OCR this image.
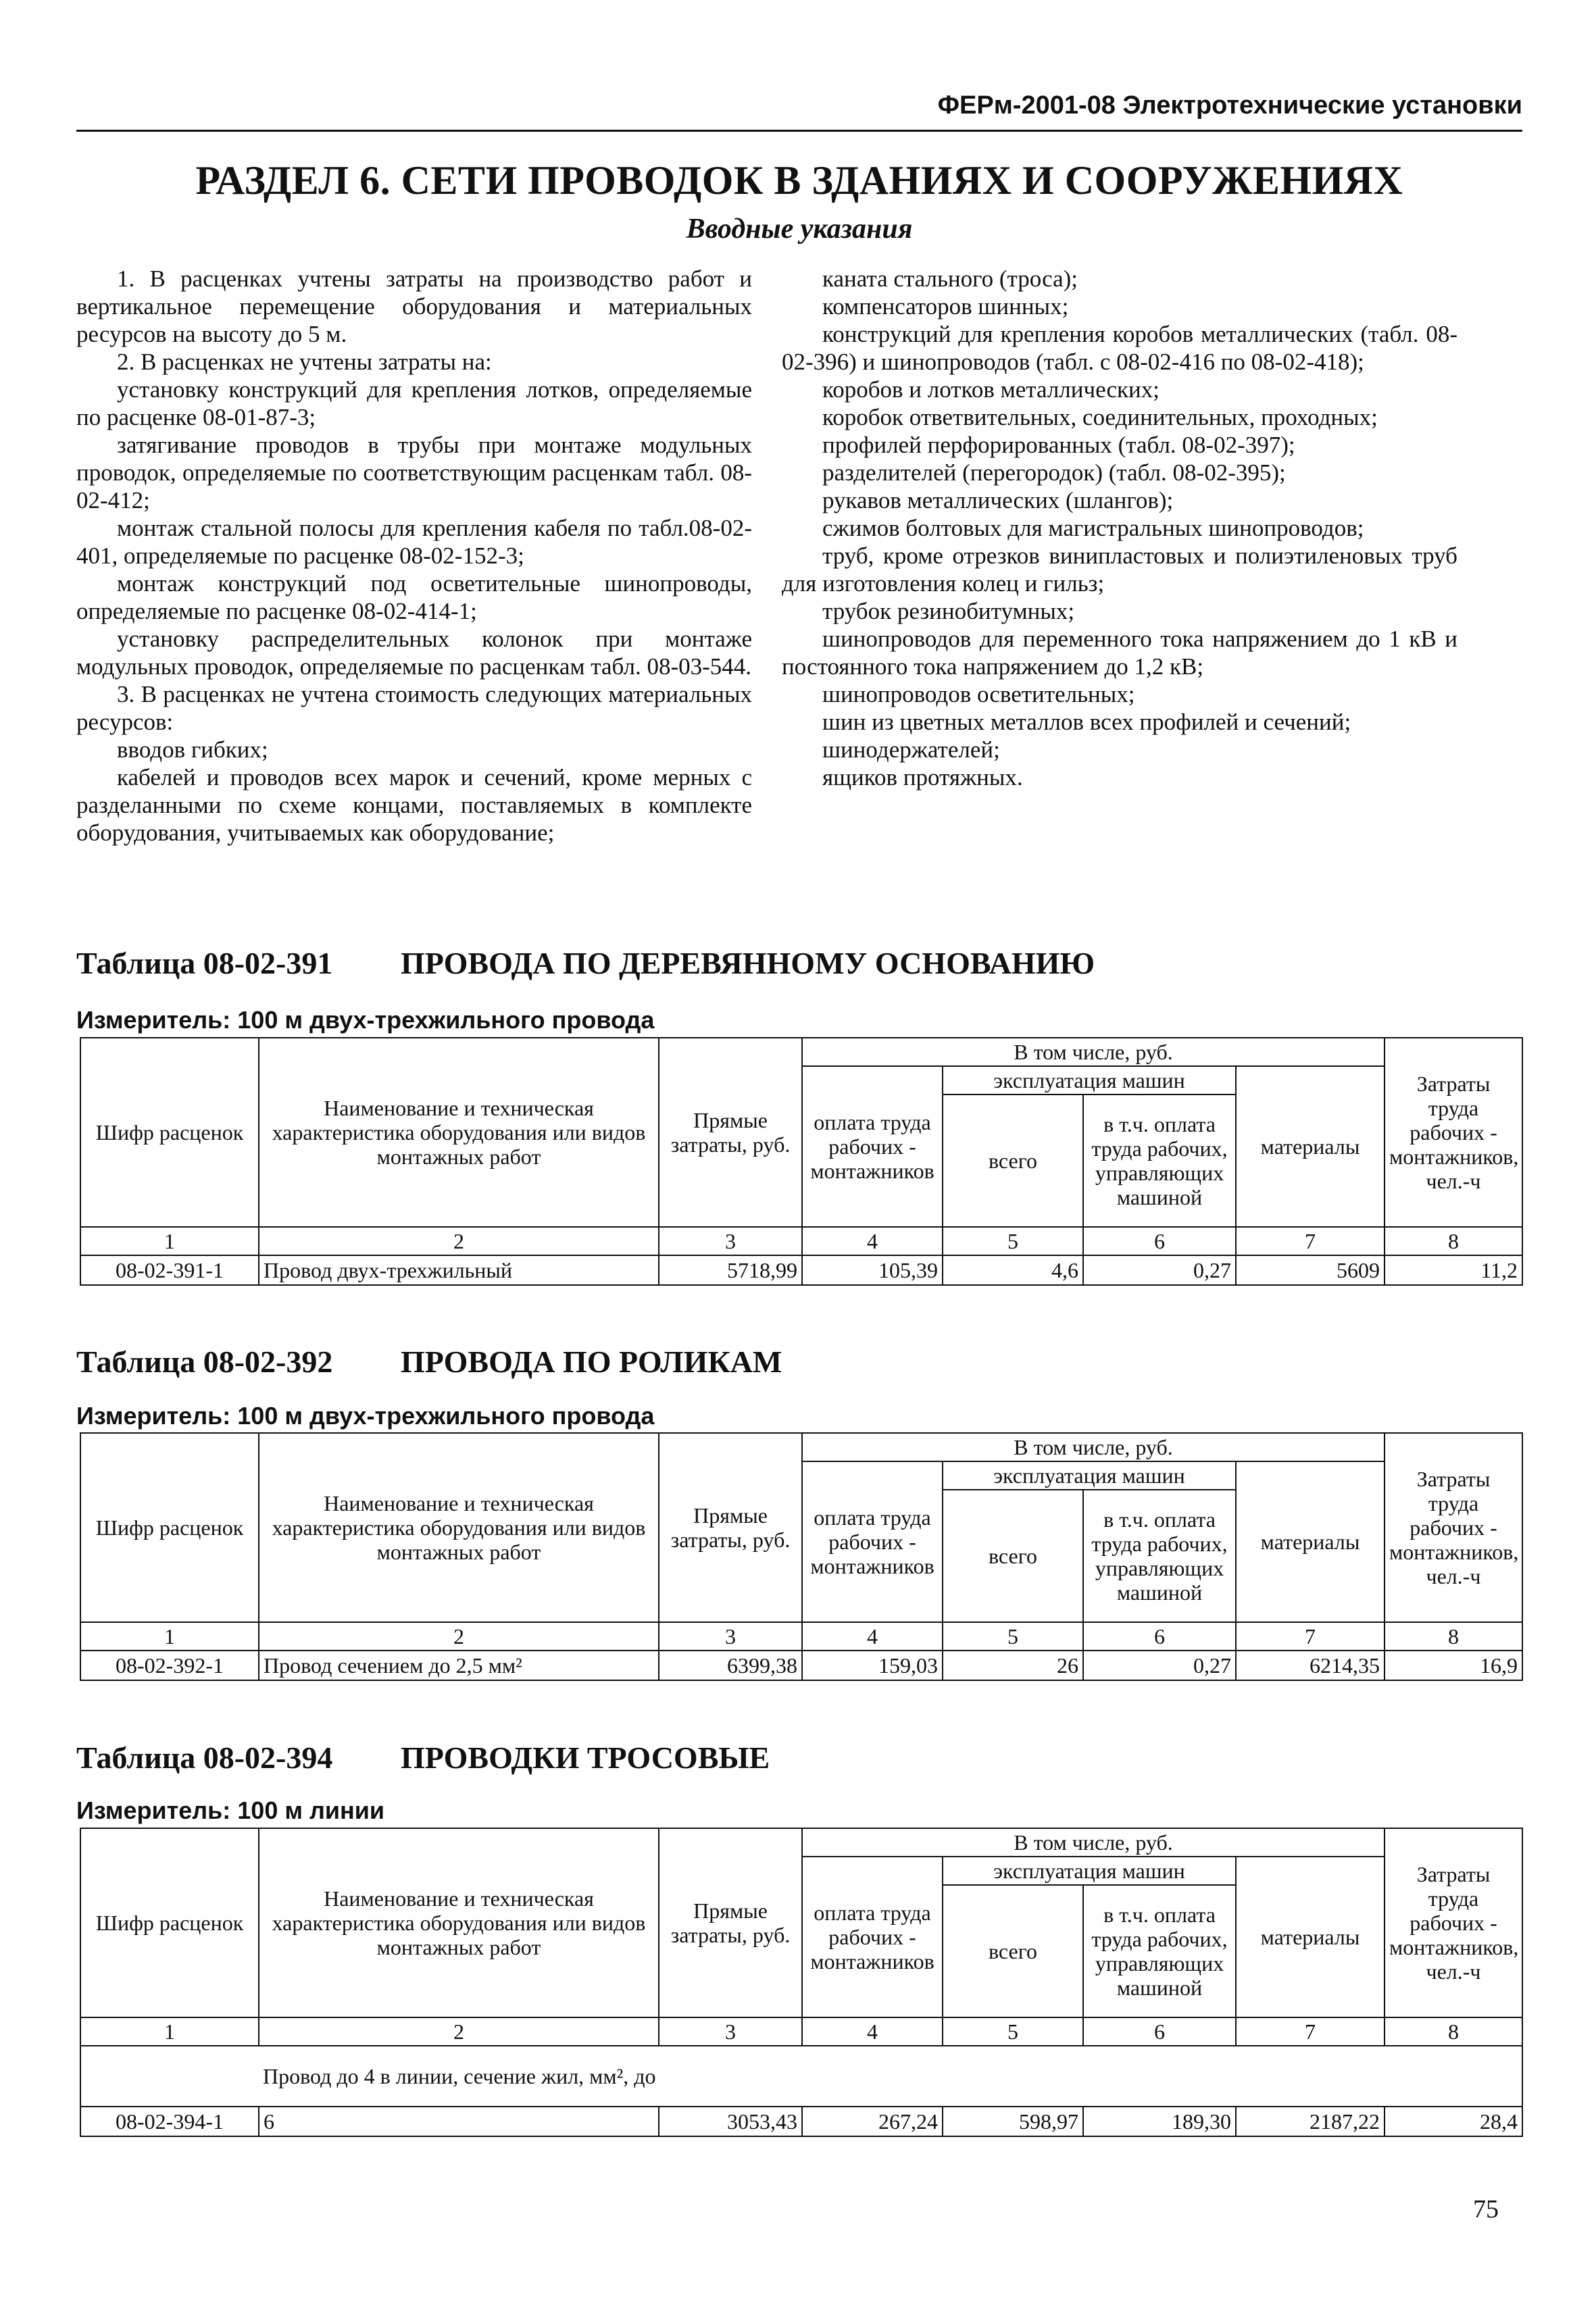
ФЕРм-2001-08 Электротехнические установки
РАЗДЕЛ 6. СЕТИ ПРОВОДОК В ЗДАНИЯХ И СООРУЖЕНИЯХ
Вводные указания

1. В расценках учтены затраты на производство работ и вертикальное перемещение оборудования и материальных ресурсов на высоту до 5 м.

2. В расценках не учтены затраты на:

установку конструкций для крепления лотков, определяемые по расценке 08-01-87-3;

затягивание проводов в трубы при монтаже модульных проводок, определяемые по соответствующим расценкам табл. 08-02-412;

монтаж стальной полосы для крепления кабеля по табл.08-02-401, определяемые по расценке 08-02-152-3;

монтаж конструкций под осветительные шинопроводы, определяемые по расценке 08-02-414-1;

установку распределительных колонок при монтаже модульных проводок, определяемые по расценкам табл. 08-03-544.

3. В расценках не учтена стоимость следующих материальных ресурсов:

вводов гибких;

кабелей и проводов всех марок и сечений, кроме мерных с разделанными по схеме концами, поставляемых в комплекте оборудования, учитываемых как оборудование;

каната стального (троса);

компенсаторов шинных;

конструкций для крепления коробов металлических (табл. 08-02-396) и шинопроводов (табл. с 08-02-416 по 08-02-418);

коробов и лотков металлических;

коробок ответвительных, соединительных, проходных;

профилей перфорированных (табл. 08-02-397);

разделителей (перегородок) (табл. 08-02-395);

рукавов металлических (шлангов);

сжимов болтовых для магистральных шинопроводов;

труб, кроме отрезков винипластовых и полиэтиленовых труб для изготовления колец и гильз;

трубок резинобитумных;

шинопроводов для переменного тока напряжением до 1 кВ и постоянного тока напряжением до 1,2 кВ;

шинопроводов осветительных;

шин из цветных металлов всех профилей и сечений;

шинодержателей;

ящиков протяжных.

Таблица 08-02-391 ПРОВОДА ПО ДЕРЕВЯННОМУ ОСНОВАНИЮ
Измеритель: 100 м двух-трехжильного провода
Шифр расценок	Наименование и техническая характеристика оборудования или видов монтажных работ	Прямые затраты, руб.	В том числе, руб.				Затраты труда рабочих - монтажников, чел.-ч
			оплата труда рабочих - монтажников	эксплуатация машин		материалы	
				всего	в т.ч. оплата труда рабочих, управляющих машиной		
1	2	3	4	5	6	7	8
08-02-391-1	Провод двух-трехжильный	5718,99	105,39	4,6	0,27	5609	11,2
Таблица 08-02-392 ПРОВОДА ПО РОЛИКАМ
Измеритель: 100 м двух-трехжильного провода
Шифр расценок	Наименование и техническая характеристика оборудования или видов монтажных работ	Прямые затраты, руб.	В том числе, руб.				Затраты труда рабочих - монтажников, чел.-ч
			оплата труда рабочих - монтажников	эксплуатация машин		материалы	
				всего	в т.ч. оплата труда рабочих, управляющих машиной		
1	2	3	4	5	6	7	8
08-02-392-1	Провод сечением до 2,5 мм²	6399,38	159,03	26	0,27	6214,35	16,9
Таблица 08-02-394 ПРОВОДКИ ТРОСОВЫЕ
Измеритель: 100 м линии
Шифр расценок	Наименование и техническая характеристика оборудования или видов монтажных работ	Прямые затраты, руб.	В том числе, руб.				Затраты труда рабочих - монтажников, чел.-ч
			оплата труда рабочих - монтажников	эксплуатация машин		материалы	
				всего	в т.ч. оплата труда рабочих, управляющих машиной		
1	2	3	4	5	6	7	8
	Провод до 4 в линии, сечение жил, мм², до						
08-02-394-1	6	3053,43	267,24	598,97	189,30	2187,22	28,4
75
